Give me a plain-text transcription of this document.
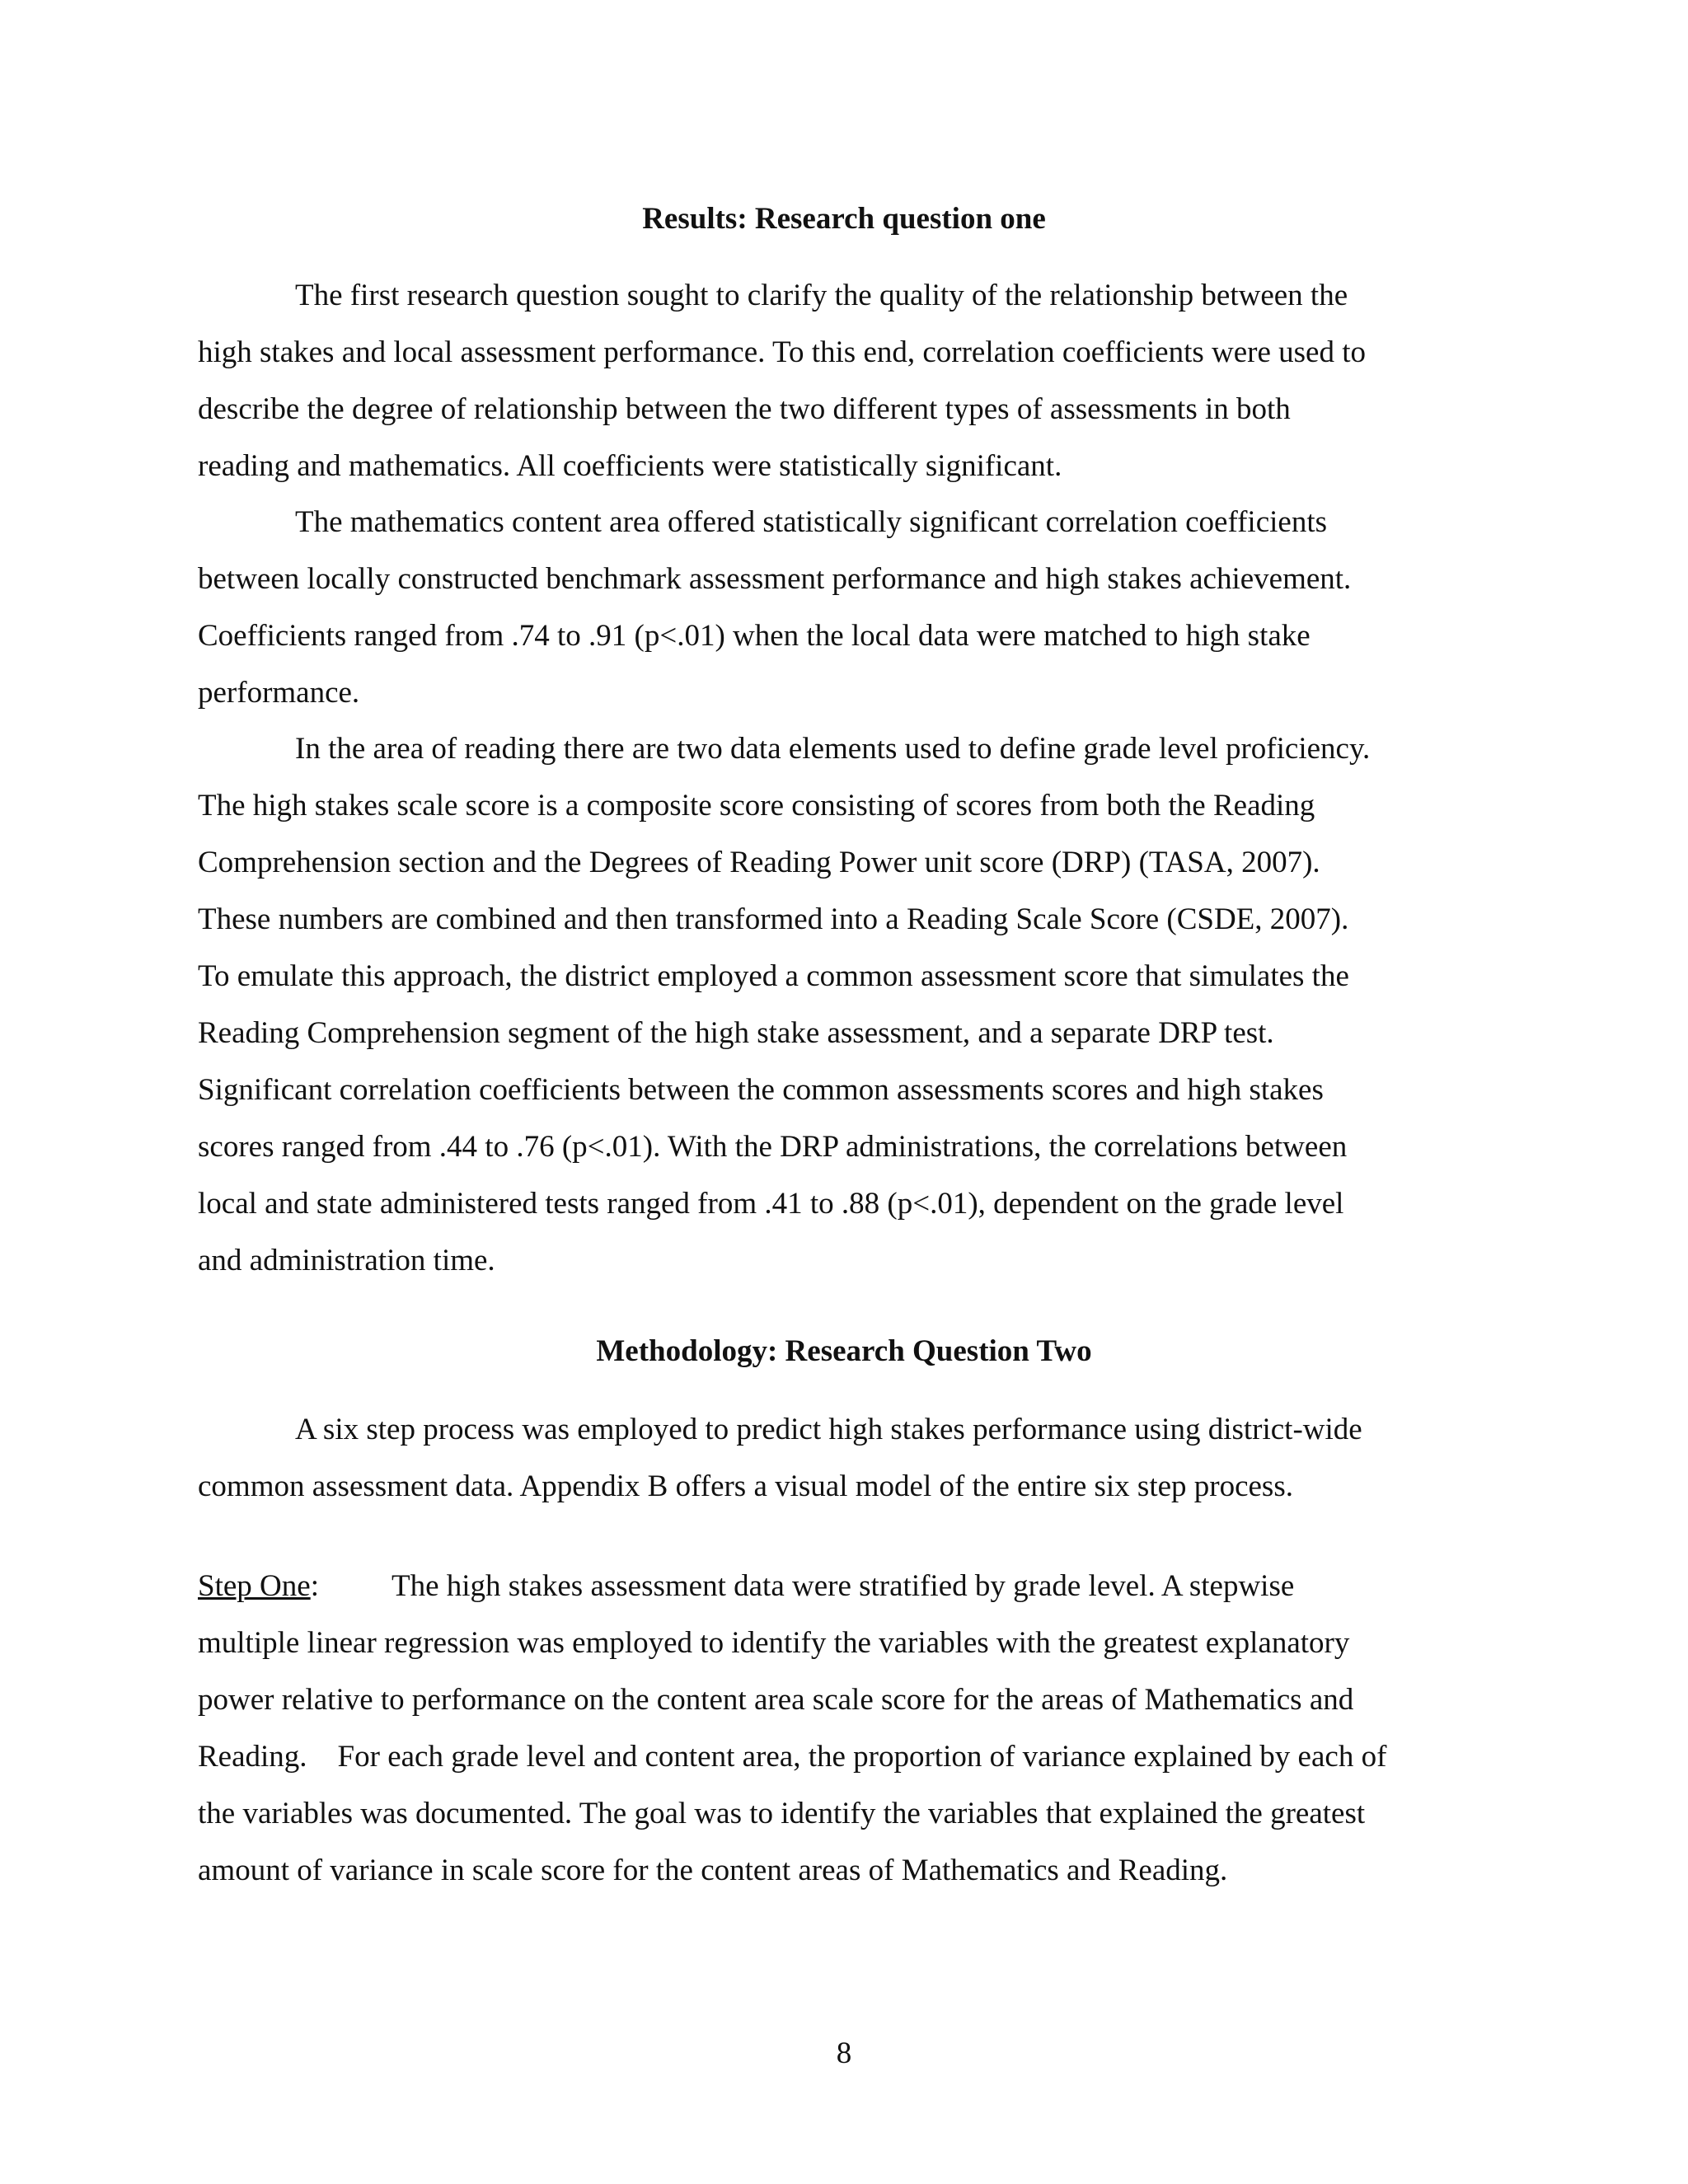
Results: Research question one

The first research question sought to clarify the quality of the relationship between the
high stakes and local assessment performance. To this end, correlation coefficients were used to
describe the degree of relationship between the two different types of assessments in both
reading and mathematics. All coefficients were statistically significant.

The mathematics content area offered statistically significant correlation coefficients
between locally constructed benchmark assessment performance and high stakes achievement.
Coefficients ranged from .74 to .91 (p<.01) when the local data were matched to high stake
performance.

In the area of reading there are two data elements used to define grade level proficiency.
The high stakes scale score is a composite score consisting of scores from both the Reading
Comprehension section and the Degrees of Reading Power unit score (DRP) (TASA, 2007).
These numbers are combined and then transformed into a Reading Scale Score (CSDE, 2007).
To emulate this approach, the district employed a common assessment score that simulates the
Reading Comprehension segment of the high stake assessment, and a separate DRP test.
Significant correlation coefficients between the common assessments scores and high stakes
scores ranged from .44 to .76 (p<.01). With the DRP administrations, the correlations between
local and state administered tests ranged from .41 to .88 (p<.01), dependent on the grade level
and administration time.

Methodology: Research Question Two

A six step process was employed to predict high stakes performance using district-wide
common assessment data. Appendix B offers a visual model of the entire six step process.

Step One: The high stakes assessment data were stratified by grade level. A stepwise
multiple linear regression was employed to identify the variables with the greatest explanatory
power relative to performance on the content area scale score for the areas of Mathematics and
Reading.    For each grade level and content area, the proportion of variance explained by each of
the variables was documented. The goal was to identify the variables that explained the greatest
amount of variance in scale score for the content areas of Mathematics and Reading.

8
